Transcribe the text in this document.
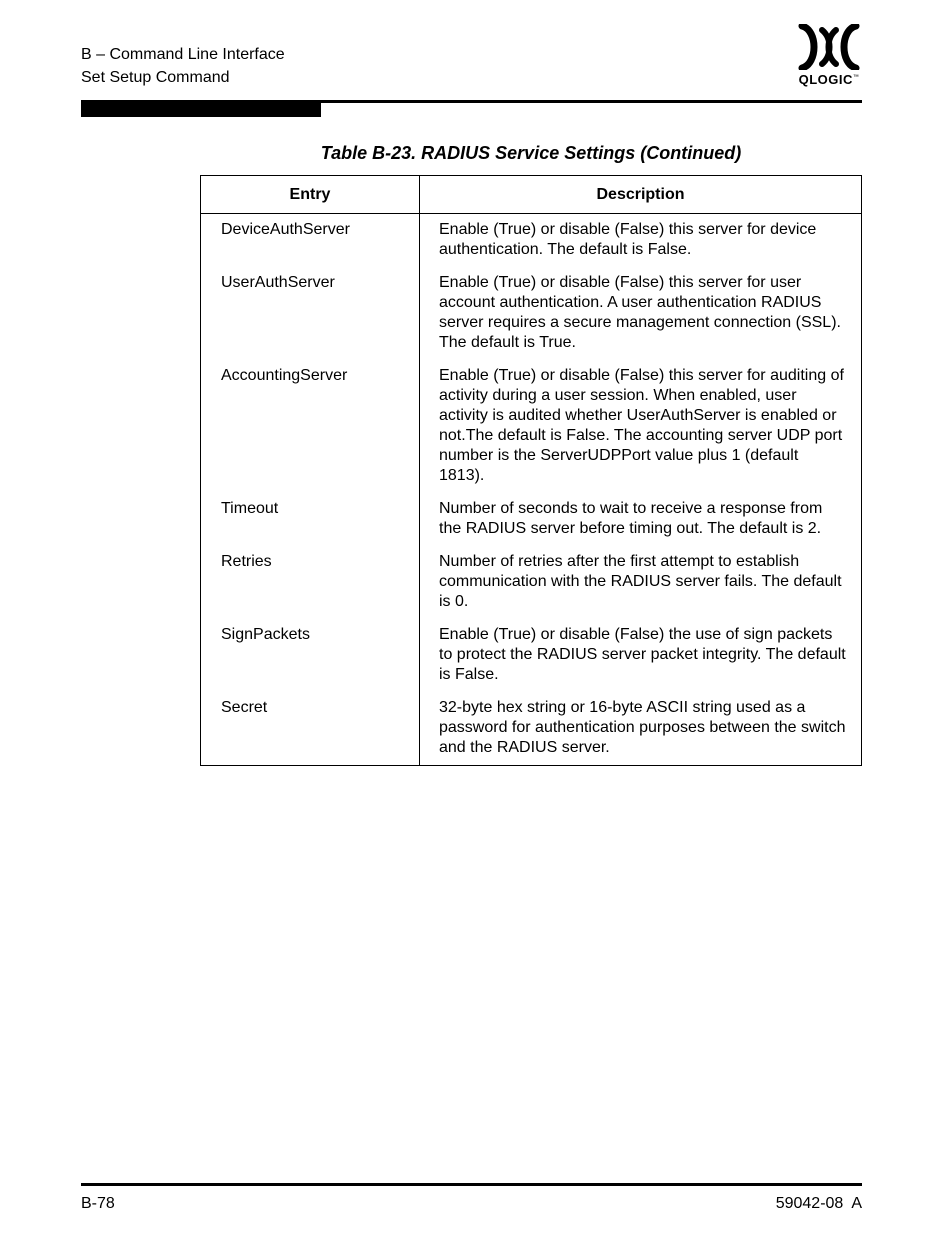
B – Command Line Interface
Set Setup Command	QLOGIC™
Table B-23. RADIUS Service Settings (Continued)
Entry	Description
DeviceAuthServer	Enable (True) or disable (False) this server for device authentication. The default is False.
UserAuthServer	Enable (True) or disable (False) this server for user account authentication. A user authentication RADIUS server requires a secure management connection (SSL). The default is True.
AccountingServer	Enable (True) or disable (False) this server for auditing of activity during a user session. When enabled, user activity is audited whether UserAuthServer is enabled or not.The default is False. The accounting server UDP port number is the ServerUDPPort value plus 1 (default 1813).
Timeout	Number of seconds to wait to receive a response from the RADIUS server before timing out. The default is 2.
Retries	Number of retries after the first attempt to establish communication with the RADIUS server fails. The default is 0.
SignPackets	Enable (True) or disable (False) the use of sign packets to protect the RADIUS server packet integrity. The default is False.
Secret	32-byte hex string or 16-byte ASCII string used as a password for authentication purposes between the switch and the RADIUS server.
B-78	59042-08  A
